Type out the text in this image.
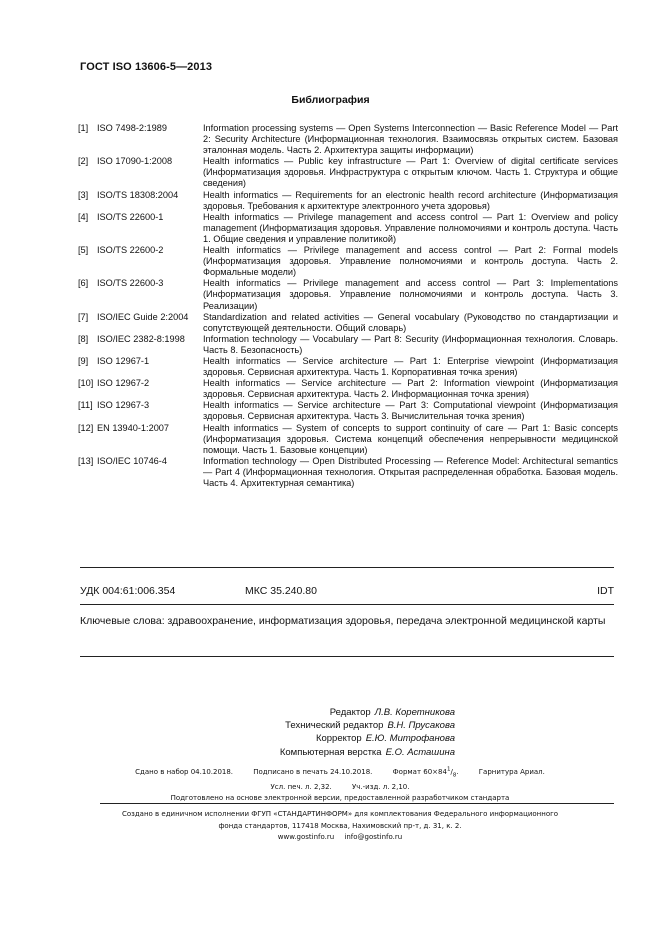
ГОСТ ISO 13606-5—2013
Библиография
[1] ISO 7498-2:1989	Information processing systems — Open Systems Interconnection — Basic Reference Model — Part 2: Security Architecture (Информационная технология. Взаимосвязь открытых систем. Базовая эталонная модель. Часть 2. Архитектура защиты информации)
[2] ISO 17090-1:2008	Health informatics — Public key infrastructure — Part 1: Overview of digital certificate services (Информатизация здоровья. Инфраструктура с открытым ключом. Часть 1. Структура и общие сведения)
[3] ISO/TS 18308:2004	Health informatics — Requirements for an electronic health record architecture (Информатизация здоровья. Требования к архитектуре электронного учета здоровья)
[4] ISO/TS 22600-1	Health informatics — Privilege management and access control — Part 1: Overview and policy management (Информатизация здоровья. Управление полномочиями и контроль доступа. Часть 1. Общие сведения и управление политикой)
[5] ISO/TS 22600-2	Health informatics — Privilege management and access control — Part 2: Formal models (Информатизация здоровья. Управление полномочиями и контроль доступа. Часть 2. Формальные модели)
[6] ISO/TS 22600-3	Health informatics — Privilege management and access control — Part 3: Implementations (Информатизация здоровья. Управление полномочиями и контроль доступа. Часть 3. Реализации)
[7] ISO/IEC Guide 2:2004	Standardization and related activities — General vocabulary (Руководство по стандартизации и сопутствующей деятельности. Общий словарь)
[8] ISO/IEC 2382-8:1998	Information technology — Vocabulary — Part 8: Security (Информационная технология. Словарь. Часть 8. Безопасность)
[9] ISO 12967-1	Health informatics — Service architecture — Part 1: Enterprise viewpoint (Информатизация здоровья. Сервисная архитектура. Часть 1. Корпоративная точка зрения)
[10] ISO 12967-2	Health informatics — Service architecture — Part 2: Information viewpoint (Информатизация здоровья. Сервисная архитектура. Часть 2. Информационная точка зрения)
[11] ISO 12967-3	Health informatics — Service architecture — Part 3: Computational viewpoint (Информатизация здоровья. Сервисная архитектура. Часть 3. Вычислительная точка зрения)
[12] EN 13940-1:2007	Health informatics — System of concepts to support continuity of care — Part 1: Basic concepts (Информатизация здоровья. Система концепций обеспечения непрерывности медицинской помощи. Часть 1. Базовые концепции)
[13] ISO/IEC 10746-4	Information technology — Open Distributed Processing — Reference Model: Architectural semantics — Part 4 (Информационная технология. Открытая распределенная обработка. Базовая модель. Часть 4. Архитектурная семантика)
УДК 004:61:006.354	МКС 35.240.80	IDT
Ключевые слова: здравоохранение, информатизация здоровья, передача электронной медицинской карты
Редактор Л.В. Коретникова
Технический редактор В.Н. Прусакова
Корректор Е.Ю. Митрофанова
Компьютерная верстка Е.О. Асташина
Сдано в набор 04.10.2018.	Подписано в печать 24.10.2018.	Формат $60\times 84^1/_8$.	Гарнитура Ариал.
Усл. печ. л. 2,32.	Уч.-изд. л. 2,10.
Подготовлено на основе электронной версии, предоставленной разработчиком стандарта
Создано в единичном исполнении ФГУП «СТАНДАРТИНФОРМ» для комплектования Федерального информационного
фонда стандартов, 117418 Москва, Нахимовский пр-т, д. 31, к. 2.
www.gostinfo.ru info@gostinfo.ru
